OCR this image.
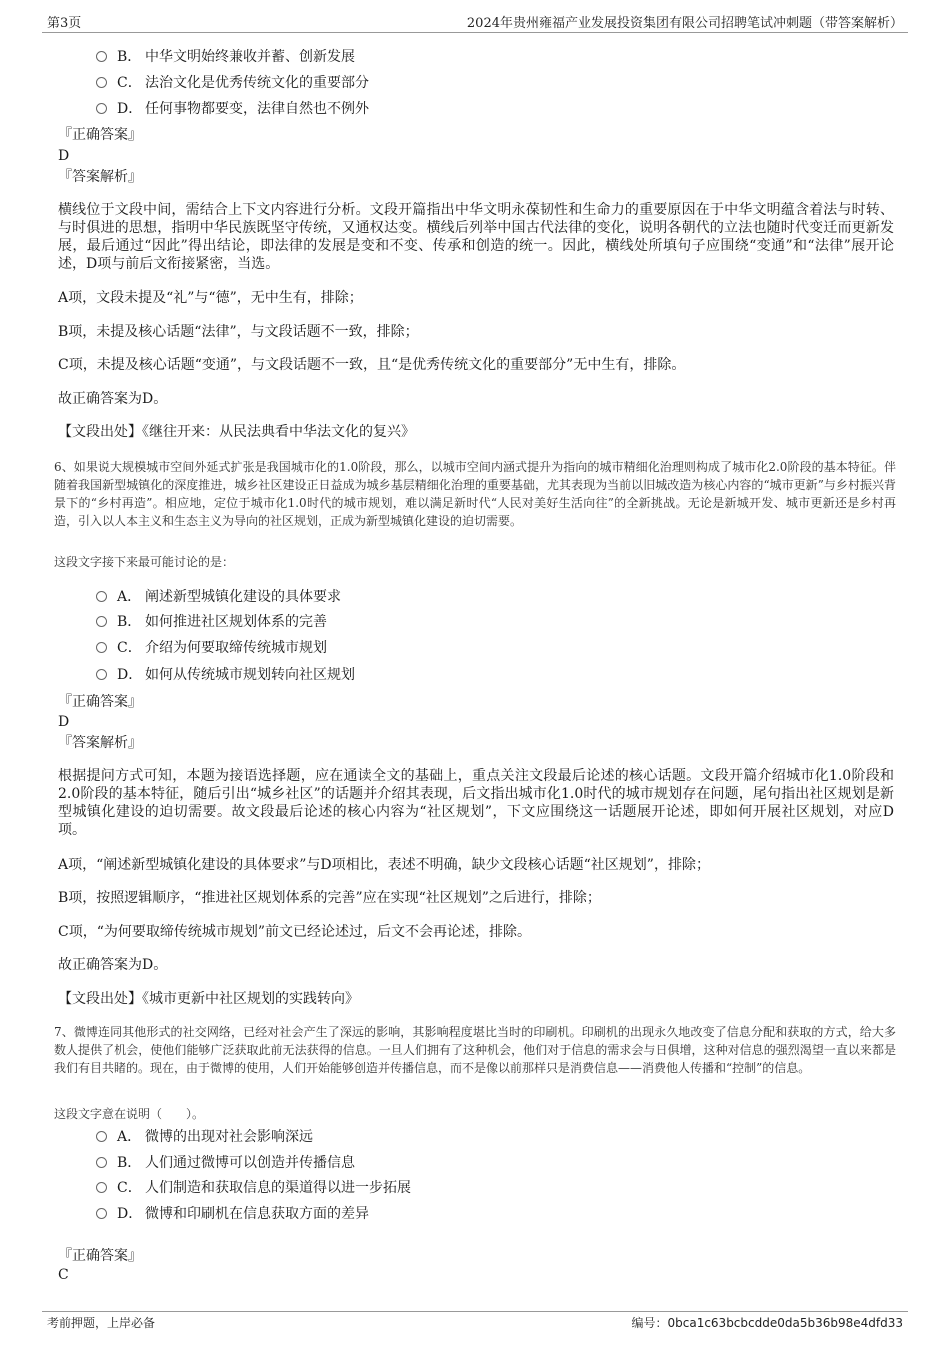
第3页	2024年贵州雍福产业发展投资集团有限公司招聘笔试冲刺题（带答案解析）
B． 中华文明始终兼收并蓄、创新发展
C． 法治文化是优秀传统文化的重要部分
D． 任何事物都要变，法律自然也不例外
『正确答案』
D
『答案解析』
横线位于文段中间，需结合上下文内容进行分析。文段开篇指出中华文明永葆韧性和生命力的重要原因在于中华文明蕴含着法与时转、与时俱进的思想，指明中华民族既坚守传统，又通权达变。横线后列举中国古代法律的变化，说明各朝代的立法也随时代变迁而更新发展，最后通过“因此”得出结论，即法律的发展是变和不变、传承和创造的统一。因此，横线处所填句子应围绕“变通”和“法律”展开论述，D项与前后文衔接紧密，当选。
A项，文段未提及“礼”与“德”，无中生有，排除；
B项，未提及核心话题“法律”，与文段话题不一致，排除；
C项，未提及核心话题“变通”，与文段话题不一致，且“是优秀传统文化的重要部分”无中生有，排除。
故正确答案为D。
【文段出处】《继往开来：从民法典看中华法文化的复兴》
6、如果说大规模城市空间外延式扩张是我国城市化的1.0阶段，那么，以城市空间内涵式提升为指向的城市精细化治理则构成了城市化2.0阶段的基本特征。伴随着我国新型城镇化的深度推进，城乡社区建设正日益成为城乡基层精细化治理的重要基础，尤其表现为当前以旧城改造为核心内容的“城市更新”与乡村振兴背景下的“乡村再造”。相应地，定位于城市化1.0时代的城市规划，难以满足新时代“人民对美好生活向往”的全新挑战。无论是新城开发、城市更新还是乡村再造，引入以人本主义和生态主义为导向的社区规划，正成为新型城镇化建设的迫切需要。
这段文字接下来最可能讨论的是：
A． 阐述新型城镇化建设的具体要求
B． 如何推进社区规划体系的完善
C． 介绍为何要取缔传统城市规划
D． 如何从传统城市规划转向社区规划
『正确答案』
D
『答案解析』
根据提问方式可知，本题为接语选择题，应在通读全文的基础上，重点关注文段最后论述的核心话题。文段开篇介绍城市化1.0阶段和2.0阶段的基本特征，随后引出“城乡社区”的话题并介绍其表现，后文指出城市化1.0时代的城市规划存在问题，尾句指出社区规划是新型城镇化建设的迫切需要。故文段最后论述的核心内容为“社区规划”，下文应围绕这一话题展开论述，即如何开展社区规划，对应D项。
A项，“阐述新型城镇化建设的具体要求”与D项相比，表述不明确，缺少文段核心话题“社区规划”，排除；
B项，按照逻辑顺序，“推进社区规划体系的完善”应在实现“社区规划”之后进行，排除；
C项，“为何要取缔传统城市规划”前文已经论述过，后文不会再论述，排除。
故正确答案为D。
【文段出处】《城市更新中社区规划的实践转向》
7、微博连同其他形式的社交网络，已经对社会产生了深远的影响，其影响程度堪比当时的印刷机。印刷机的出现永久地改变了信息分配和获取的方式，给大多数人提供了机会，使他们能够广泛获取此前无法获得的信息。一旦人们拥有了这种机会，他们对于信息的需求会与日俱增，这种对信息的强烈渴望一直以来都是我们有目共睹的。现在，由于微博的使用，人们开始能够创造并传播信息，而不是像以前那样只是消费信息——消费他人传播和“控制”的信息。
这段文字意在说明（　　）。
A． 微博的出现对社会影响深远
B． 人们通过微博可以创造并传播信息
C． 人们制造和获取信息的渠道得以进一步拓展
D． 微博和印刷机在信息获取方面的差异
『正确答案』
C
考前押题，上岸必备	编号：0bca1c63bcbcdde0da5b36b98e4dfd33
